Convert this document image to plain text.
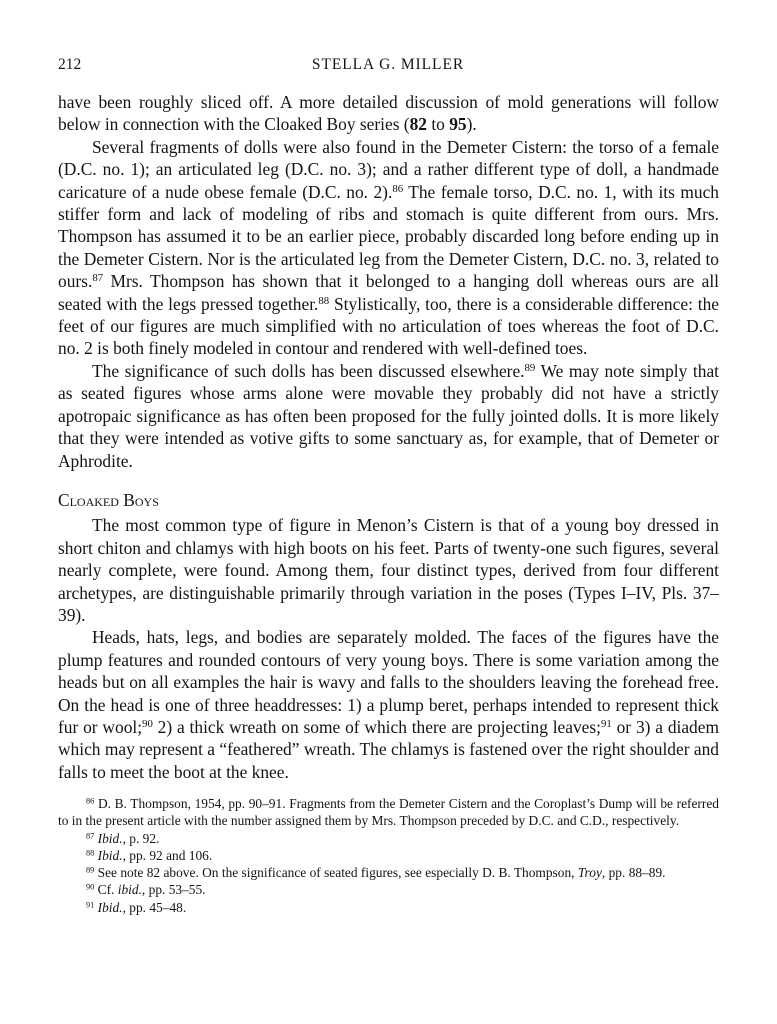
212	STELLA G. MILLER

have been roughly sliced off. A more detailed discussion of mold generations will follow below in connection with the Cloaked Boy series (82 to 95).

Several fragments of dolls were also found in the Demeter Cistern: the torso of a female (D.C. no. 1); an articulated leg (D.C. no. 3); and a rather different type of doll, a handmade caricature of a nude obese female (D.C. no. 2).$^{86}$ The female torso, D.C. no. 1, with its much stiffer form and lack of modeling of ribs and stomach is quite different from ours. Mrs. Thompson has assumed it to be an earlier piece, probably discarded long before ending up in the Demeter Cistern. Nor is the articulated leg from the Demeter Cistern, D.C. no. 3, related to ours.$^{87}$ Mrs. Thompson has shown that it belonged to a hanging doll whereas ours are all seated with the legs pressed together.$^{88}$ Stylistically, too, there is a considerable difference: the feet of our figures are much simplified with no articulation of toes whereas the foot of D.C. no. 2 is both finely modeled in contour and rendered with well-defined toes.

The significance of such dolls has been discussed elsewhere.$^{89}$ We may note simply that as seated figures whose arms alone were movable they probably did not have a strictly apotropaic significance as has often been proposed for the fully jointed dolls. It is more likely that they were intended as votive gifts to some sanctuary as, for example, that of Demeter or Aphrodite.

Cloaked Boys

The most common type of figure in Menon’s Cistern is that of a young boy dressed in short chiton and chlamys with high boots on his feet. Parts of twenty-one such figures, several nearly complete, were found. Among them, four distinct types, derived from four different archetypes, are distinguishable primarily through variation in the poses (Types I–IV, Pls. 37–39).

Heads, hats, legs, and bodies are separately molded. The faces of the figures have the plump features and rounded contours of very young boys. There is some variation among the heads but on all examples the hair is wavy and falls to the shoulders leaving the forehead free. On the head is one of three headdresses: 1) a plump beret, perhaps intended to represent thick fur or wool;$^{90}$ 2) a thick wreath on some of which there are projecting leaves;$^{91}$ or 3) a diadem which may represent a “feathered” wreath. The chlamys is fastened over the right shoulder and falls to meet the boot at the knee.

$^{86}$ D. B. Thompson, 1954, pp. 90–91. Fragments from the Demeter Cistern and the Coroplast’s Dump will be referred to in the present article with the number assigned them by Mrs. Thompson preceded by D.C. and C.D., respectively.

$^{87}$ Ibid., p. 92.

$^{88}$ Ibid., pp. 92 and 106.

$^{89}$ See note 82 above. On the significance of seated figures, see especially D. B. Thompson, Troy, pp. 88–89.

$^{90}$ Cf. ibid., pp. 53–55.

$^{91}$ Ibid., pp. 45–48.
